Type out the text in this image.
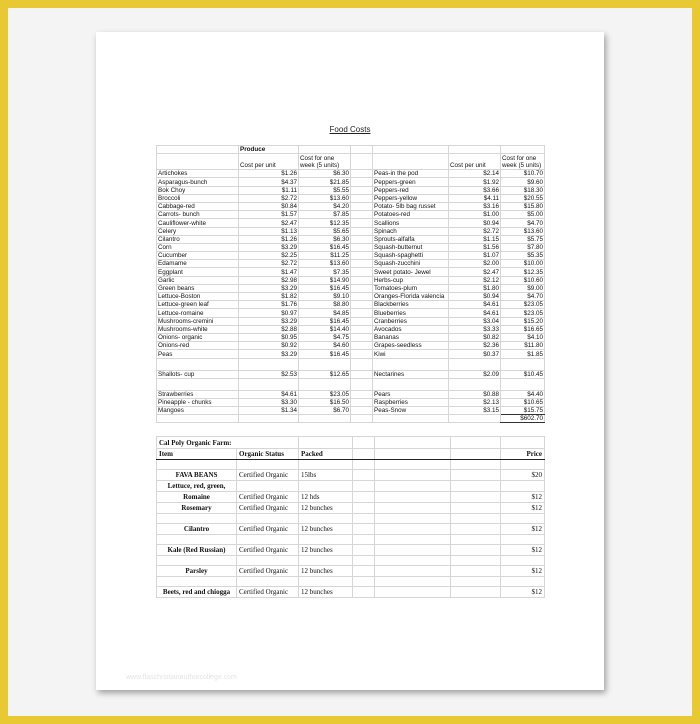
Food Costs
	Produce					
	Cost per unit	Cost for one week (5 units)			Cost per unit	Cost for one week (5 units)
Artichokes	$1.26	$6.30		Peas-in the pod	$2.14	$10.70
Asparagus-bunch	$4.37	$21.85		Peppers-green	$1.92	$9.60
Bok Choy	$1.11	$5.55		Peppers-red	$3.66	$18.30
Broccoli	$2.72	$13.60		Peppers-yellow	$4.11	$20.55
Cabbage-red	$0.84	$4.20		Potato- 5lb bag russet	$3.16	$15.80
Carrots- bunch	$1.57	$7.85		Potatoes-red	$1.00	$5.00
Cauliflower-white	$2.47	$12.35		Scallions	$0.94	$4.70
Celery	$1.13	$5.65		Spinach	$2.72	$13.60
Cilantro	$1.26	$6.30		Sprouts-alfalfa	$1.15	$5.75
Corn	$3.29	$16.45		Squash-butternut	$1.56	$7.80
Cucumber	$2.25	$11.25		Squash-spaghetti	$1.07	$5.35
Edamame	$2.72	$13.60		Squash-zucchini	$2.00	$10.00
Eggplant	$1.47	$7.35		Sweet potato- Jewel	$2.47	$12.35
Garlic	$2.98	$14.90		Herbs-cup	$2.12	$10.60
Green beans	$3.29	$16.45		Tomatoes-plum	$1.80	$9.00
Lettuce-Boston	$1.82	$9.10		Oranges-Florida valencia	$0.94	$4.70
Lettuce-green leaf	$1.76	$8.80		Blackberries	$4.61	$23.05
Lettuce-romaine	$0.97	$4.85		Blueberries	$4.61	$23.05
Mushrooms-cremini	$3.29	$16.45		Cranberries	$3.04	$15.20
Mushrooms-white	$2.88	$14.40		Avocados	$3.33	$16.65
Onions- organic	$0.95	$4.75		Bananas	$0.82	$4.10
Onions-red	$0.92	$4.60		Grapes-seedless	$2.36	$11.80
Peas	$3.29	$16.45		Kiwi	$0.37	$1.85

Shallots- cup	$2.53	$12.65		Nectarines	$2.09	$10.45

Strawberries	$4.61	$23.05		Pears	$0.88	$4.40
Pineapple - chunks	$3.30	$16.50		Raspberries	$2.13	$10.65
Mangoes	$1.34	$6.70		Peas-Snow	$3.15	$15.75
						$602.70
Cal Poly Organic Farm:						
Item	Organic Status	Packed				Price

FAVA BEANS	Certified Organic	15lbs				$20
Lettuce, red, green,						
Romaine	Certified Organic	12 hds				$12
Rosemary	Certified Organic	12 bunches				$12

Cilantro	Certified Organic	12 bunches				$12

Kale (Red Russian)	Certified Organic	12 bunches				$12

Parsley	Certified Organic	12 bunches				$12

Beets, red and chiogga	Certified Organic	12 bunches				$12
www.flaschristianauthorcollege.com
